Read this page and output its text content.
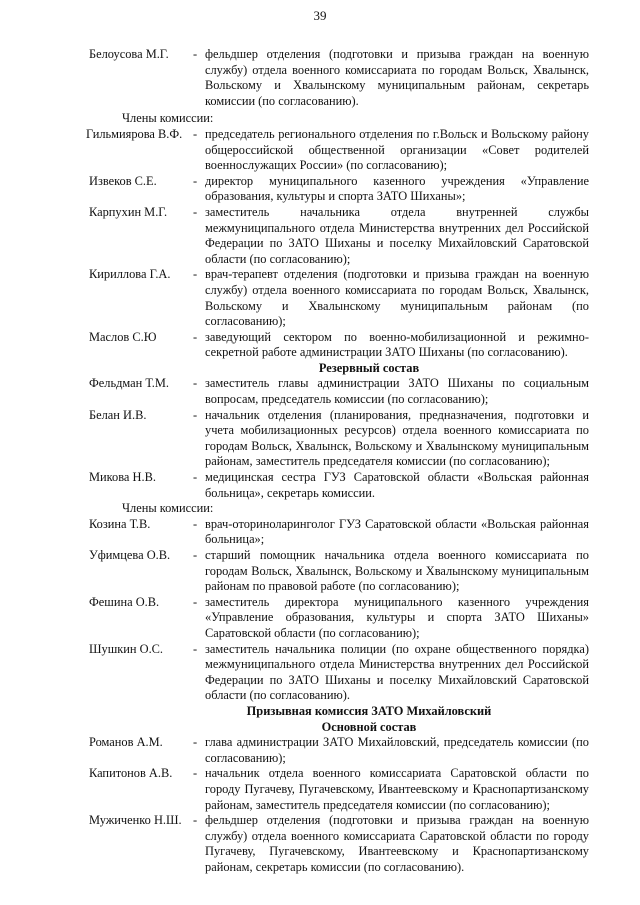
39
Белоусова М.Г.	- фельдшер отделения (подготовки и призыва граждан на военную службу) отдела военного комиссариата по городам Вольск, Хвалынск, Вольскому и Хвалынскому муниципальным районам, секретарь комиссии (по согласованию).
Члены комиссии:
Гильмиярова В.Ф. - председатель регионального отделения по г.Вольск и Вольскому району общероссийской общественной организации «Совет родителей военнослужащих России» (по согласованию);
Извеков С.Е.	- директор муниципального казенного учреждения «Управление образования, культуры и спорта ЗАТО Шиханы»;
Карпухин М.Г.	- заместитель начальника отдела внутренней службы межмуниципального отдела Министерства внутренних дел Российской Федерации по ЗАТО Шиханы и поселку Михайловский Саратовской области (по согласованию);
Кириллова Г.А.	- врач-терапевт отделения (подготовки и призыва граждан на военную службу) отдела военного комиссариата по городам Вольск, Хвалынск, Вольскому и Хвалынскому муниципальным районам (по согласованию);
Маслов С.Ю	- заведующий сектором по военно-мобилизационной и режимно-секретной работе администрации ЗАТО Шиханы (по согласованию).
Резервный состав
Фельдман Т.М.	- заместитель главы администрации ЗАТО Шиханы по социальным вопросам, председатель комиссии (по согласованию);
Белан И.В.	- начальник отделения (планирования, предназначения, подготовки и учета мобилизационных ресурсов) отдела военного комиссариата по городам Вольск, Хвалынск, Вольскому и Хвалынскому муниципальным районам, заместитель председателя комиссии (по согласованию);
Микова Н.В.	- медицинская сестра ГУЗ Саратовской области «Вольская районная больница», секретарь комиссии.
Члены комиссии:
Козина Т.В.	- врач-оториноларинголог ГУЗ Саратовской области «Вольская районная больница»;
Уфимцева О.В.	- старший помощник начальника отдела военного комиссариата по городам Вольск, Хвалынск, Вольскому и Хвалынскому муниципальным районам по правовой работе (по согласованию);
Фешина О.В.	- заместитель директора муниципального казенного учреждения «Управление образования, культуры и спорта ЗАТО Шиханы» Саратовской области (по согласованию);
Шушкин О.С.	- заместитель начальника полиции (по охране общественного порядка) межмуниципального отдела Министерства внутренних дел Российской Федерации по ЗАТО Шиханы и поселку Михайловский Саратовской области (по согласованию).
Призывная комиссия ЗАТО Михайловский
Основной состав
Романов А.М.	- глава администрации ЗАТО Михайловский, председатель комиссии (по согласованию);
Капитонов А.В.	- начальник отдела военного комиссариата Саратовской области по городу Пугачеву, Пугачевскому, Ивантеевскому и Краснопартизанскому районам, заместитель председателя комиссии (по согласованию);
Мужиченко Н.Ш. - фельдшер отделения (подготовки и призыва граждан на военную службу) отдела военного комиссариата Саратовской области по городу Пугачеву, Пугачевскому, Ивантеевскому и Краснопартизанскому районам, секретарь комиссии (по согласованию).
